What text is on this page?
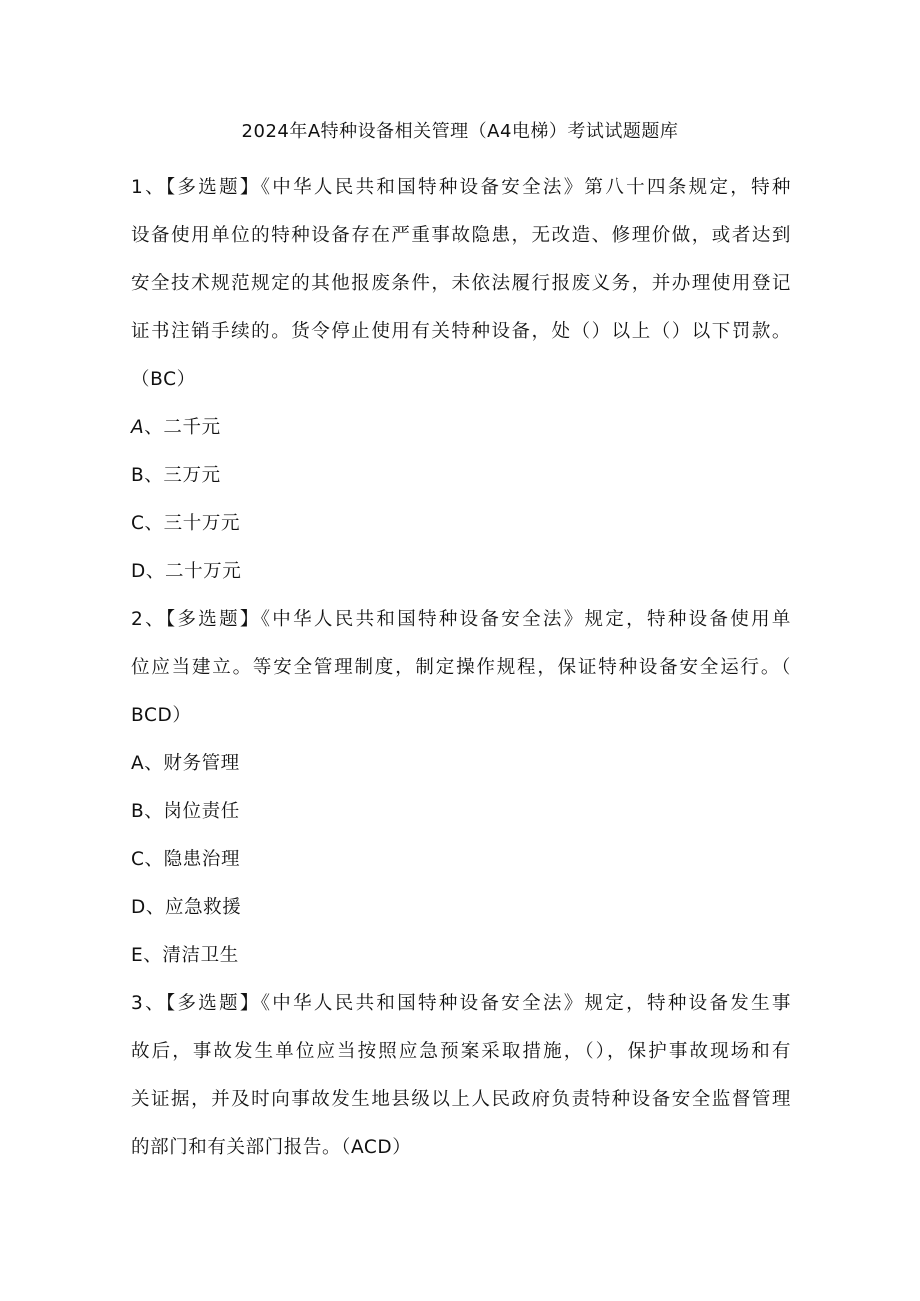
2024年A特种设备相关管理（A4电梯）考试试题题库
1、【多选题】《中华人民共和国特种设备安全法》第八十四条规定，特种
设备使用单位的特种设备存在严重事故隐患，无改造、修理价做，或者达到
安全技术规范规定的其他报废条件，未依法履行报废义务，并办理使用登记
证书注销手续的。货令停止使用有关特种设备，处（）以上（）以下罚款。
（BC）
A、二千元
B、三万元
C、三十万元
D、二十万元
2、【多选题】《中华人民共和国特种设备安全法》规定，特种设备使用单
位应当建立。等安全管理制度，制定操作规程，保证特种设备安全运行。（
BCD）
A、财务管理
B、岗位责任
C、隐患治理
D、应急救援
E、清洁卫生
3、【多选题】《中华人民共和国特种设备安全法》规定，特种设备发生事
故后，事故发生单位应当按照应急预案采取措施，（），保护事故现场和有
关证据，并及时向事故发生地县级以上人民政府负责特种设备安全监督管理
的部门和有关部门报告。（ACD）
